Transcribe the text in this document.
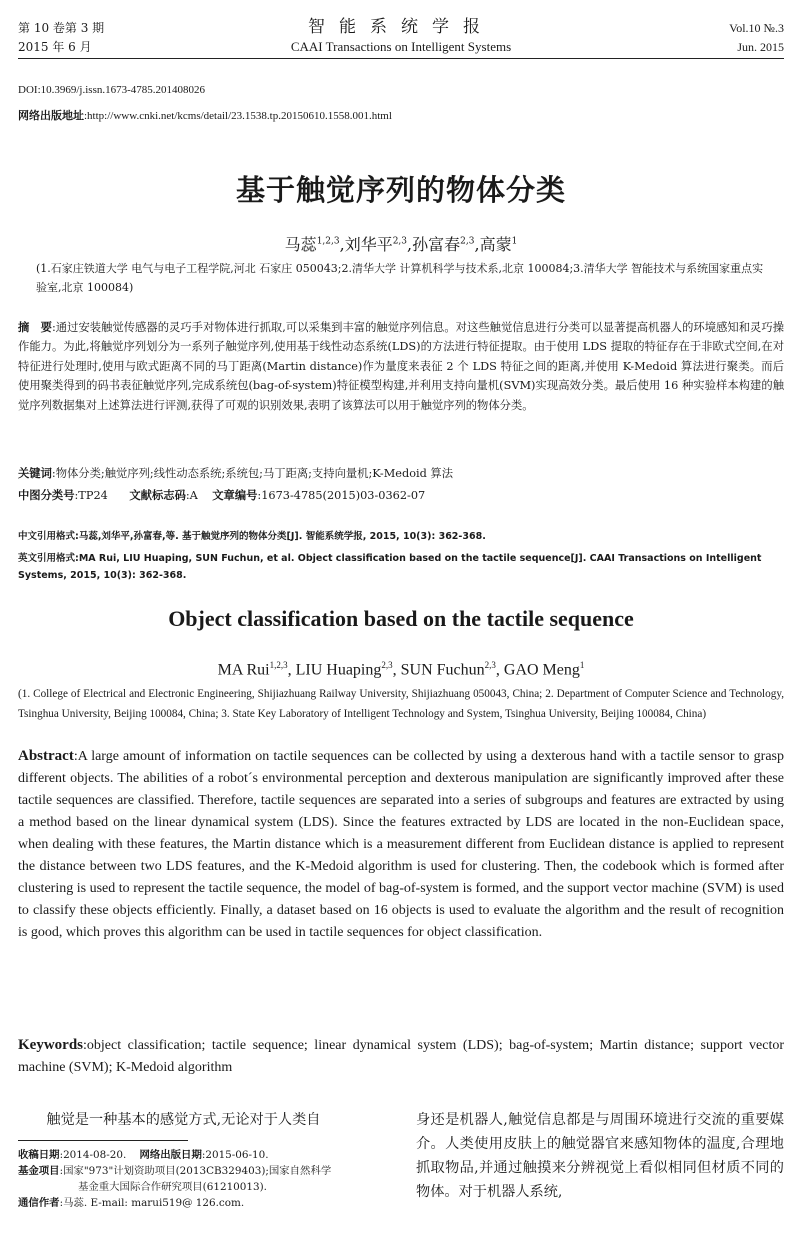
第 10 卷第 3 期	智能系统学报	Vol.10 №.3
2015 年 6 月	CAAI Transactions on Intelligent Systems	Jun. 2015
DOI:10.3969/j.issn.1673-4785.201408026
网络出版地址:http://www.cnki.net/kcms/detail/23.1538.tp.20150610.1558.001.html
基于触觉序列的物体分类
马蕊$^{1,2,3}$,刘华平$^{2,3}$,孙富春$^{2,3}$,高蒙$^1$
(1.石家庄铁道大学 电气与电子工程学院,河北 石家庄 050043;2.清华大学 计算机科学与技术系,北京 100084;3.清华大学 智能技术与系统国家重点实验室,北京 100084)
摘　要:通过安装触觉传感器的灵巧手对物体进行抓取,可以采集到丰富的触觉序列信息。对这些触觉信息进行分类可以显著提高机器人的环境感知和灵巧操作能力。为此,将触觉序列划分为一系列子触觉序列,使用基于线性动态系统(LDS)的方法进行特征提取。由于使用 LDS 提取的特征存在于非欧式空间,在对特征进行处理时,使用与欧式距离不同的马丁距离(Martin distance)作为量度来表征 2 个 LDS 特征之间的距离,并使用 K-Medoid 算法进行聚类。而后使用聚类得到的码书表征触觉序列,完成系统包(bag-of-system)特征模型构建,并利用支持向量机(SVM)实现高效分类。最后使用 16 种实验样本构建的触觉序列数据集对上述算法进行评测,获得了可观的识别效果,表明了该算法可以用于触觉序列的物体分类。
关键词:物体分类;触觉序列;线性动态系统;系统包;马丁距离;支持向量机;K-Medoid 算法
中图分类号:TP24 文献标志码:A 文章编号:1673-4785(2015)03-0362-07
中文引用格式:马蕊,刘华平,孙富春,等. 基于触觉序列的物体分类[J]. 智能系统学报, 2015, 10(3): 362-368.
英文引用格式:MA Rui, LIU Huaping, SUN Fuchun, et al. Object classification based on the tactile sequence[J]. CAAI Transactions on Intelligent Systems, 2015, 10(3): 362-368.
Object classification based on the tactile sequence
MA Rui$^{1,2,3}$, LIU Huaping$^{2,3}$, SUN Fuchun$^{2,3}$, GAO Meng$^1$
(1. College of Electrical and Electronic Engineering, Shijiazhuang Railway University, Shijiazhuang 050043, China; 2. Department of Computer Science and Technology, Tsinghua University, Beijing 100084, China; 3. State Key Laboratory of Intelligent Technology and System, Tsinghua University, Beijing 100084, China)
Abstract:A large amount of information on tactile sequences can be collected by using a dexterous hand with a tactile sensor to grasp different objects. The abilities of a robot´s environmental perception and dexterous manipulation are significantly improved after these tactile sequences are classified. Therefore, tactile sequences are separated into a series of subgroups and features are extracted by using a method based on the linear dynamical system (LDS). Since the features extracted by LDS are located in the non-Euclidean space, when dealing with these features, the Martin distance which is a measurement different from Euclidean distance is applied to represent the distance between two LDS features, and the K-Medoid algorithm is used for clustering. Then, the codebook which is formed after clustering is used to represent the tactile sequence, the model of bag-of-system is formed, and the support vector machine (SVM) is used to classify these objects efficiently. Finally, a dataset based on 16 objects is used to evaluate the algorithm and the result of recognition is good, which proves this algorithm can be used in tactile sequences for object classification.
Keywords:object classification; tactile sequence; linear dynamical system (LDS); bag-of-system; Martin distance; support vector machine (SVM); K-Medoid algorithm
触觉是一种基本的感觉方式,无论对于人类自
收稿日期:2014-08-20. 网络出版日期:2015-06-10.
基金项目:国家"973"计划资助项目(2013CB329403);国家自然科学
基金重大国际合作研究项目(61210013).
通信作者:马蕊. E-mail: marui519@ 126.com.
身还是机器人,触觉信息都是与周围环境进行交流的重要媒介。人类使用皮肤上的触觉器官来感知物体的温度,合理地抓取物品,并通过触摸来分辨视觉上看似相同但材质不同的物体。对于机器人系统,
